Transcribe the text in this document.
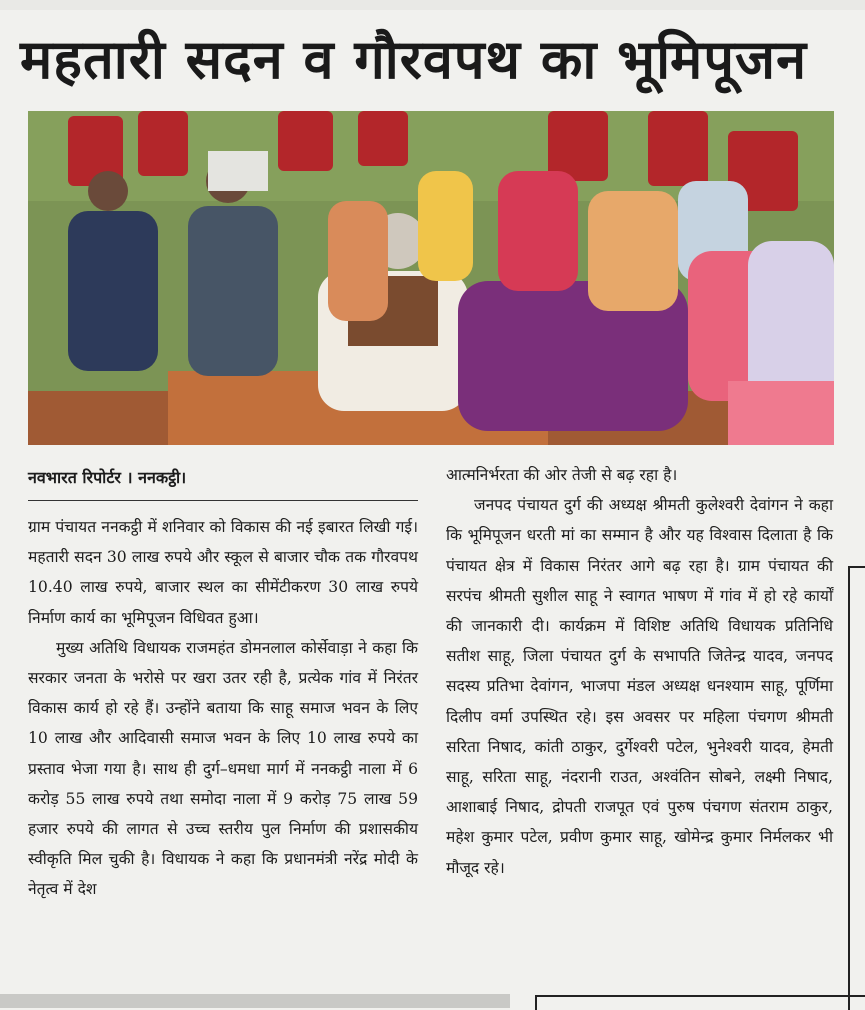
महतारी सदन व गौरवपथ का भूमिपूजन
नवभारत रिपोर्टर । ननकट्ठी।

ग्राम पंचायत ननकट्ठी में शनिवार को विकास की नई इबारत लिखी गई। महतारी सदन 30 लाख रुपये और स्कूल से बाजार चौक तक गौरवपथ 10.40 लाख रुपये, बाजार स्थल का सीमेंटीकरण 30 लाख रुपये निर्माण कार्य का भूमिपूजन विधिवत हुआ।

मुख्य अतिथि विधायक राजमहंत डोमनलाल कोर्सेवाड़ा ने कहा कि सरकार जनता के भरोसे पर खरा उतर रही है, प्रत्येक गांव में निरंतर विकास कार्य हो रहे हैं। उन्होंने बताया कि साहू समाज भवन के लिए 10 लाख और आदिवासी समाज भवन के लिए 10 लाख रुपये का प्रस्ताव भेजा गया है। साथ ही दुर्ग–धमधा मार्ग में ननकट्ठी नाला में 6 करोड़ 55 लाख रुपये तथा समोदा नाला में 9 करोड़ 75 लाख 59 हजार रुपये की लागत से उच्च स्तरीय पुल निर्माण की प्रशासकीय स्वीकृति मिल चुकी है। विधायक ने कहा कि प्रधानमंत्री नरेंद्र मोदी के नेतृत्व में देश

आत्मनिर्भरता की ओर तेजी से बढ़ रहा है।

जनपद पंचायत दुर्ग की अध्यक्ष श्रीमती कुलेश्वरी देवांगन ने कहा कि भूमिपूजन धरती मां का सम्मान है और यह विश्वास दिलाता है कि पंचायत क्षेत्र में विकास निरंतर आगे बढ़ रहा है। ग्राम पंचायत की सरपंच श्रीमती सुशील साहू ने स्वागत भाषण में गांव में हो रहे कार्यों की जानकारी दी। कार्यक्रम में विशिष्ट अतिथि विधायक प्रतिनिधि सतीश साहू, जिला पंचायत दुर्ग के सभापति जितेन्द्र यादव, जनपद सदस्य प्रतिभा देवांगन, भाजपा मंडल अध्यक्ष धनश्याम साहू, पूर्णिमा दिलीप वर्मा उपस्थित रहे। इस अवसर पर महिला पंचगण श्रीमती सरिता निषाद, कांती ठाकुर, दुर्गेश्वरी पटेल, भुनेश्वरी यादव, हेमती साहू, सरिता साहू, नंदरानी राउत, अश्वंतिन सोबने, लक्ष्मी निषाद, आशाबाई निषाद, द्रोपती राजपूत एवं पुरुष पंचगण संतराम ठाकुर, महेश कुमार पटेल, प्रवीण कुमार साहू, खोमेन्द्र कुमार निर्मलकर भी मौजूद रहे।
